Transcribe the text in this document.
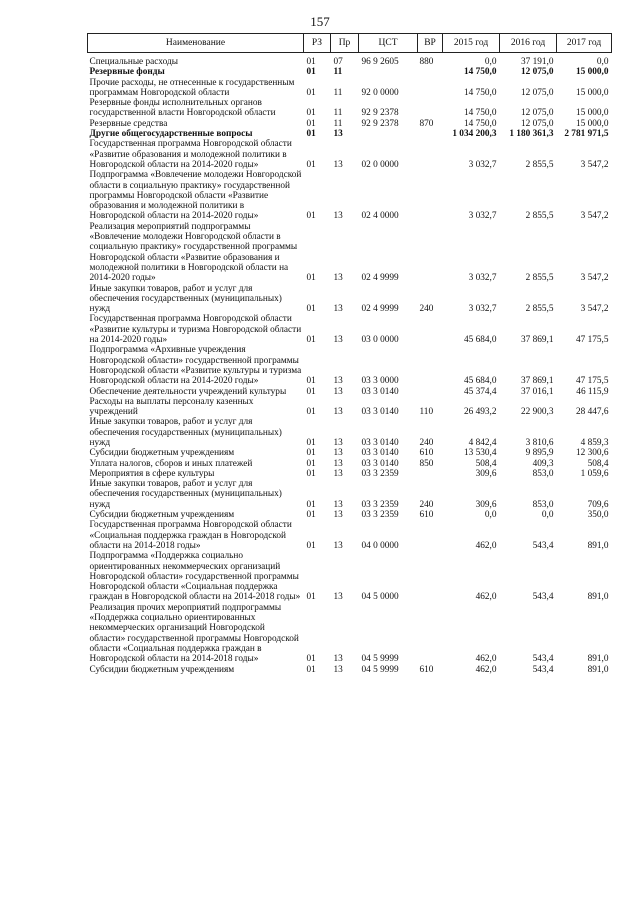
157
Наименование	РЗ	Пр	ЦСТ	ВР	2015 год	2016 год	2017 год

Специальные расходы	01	07	96 9 2605	880	0,0	37 191,0	0,0
Резервные фонды	01	11			14 750,0	12 075,0	15 000,0
Прочие расходы, не отнесенные к государственным программам Новгородской области	01	11	92 0 0000		14 750,0	12 075,0	15 000,0
Резервные фонды исполнительных органов государственной власти Новгородской области	01	11	92 9 2378		14 750,0	12 075,0	15 000,0
Резервные средства	01	11	92 9 2378	870	14 750,0	12 075,0	15 000,0
Другие общегосударственные вопросы	01	13			1 034 200,3	1 180 361,3	2 781 971,5
Государственная программа Новгородской области «Развитие образования и молодежной политики в Новгородской области на 2014-2020 годы»	01	13	02 0 0000		3 032,7	2 855,5	3 547,2
Подпрограмма «Вовлечение молодежи Новгородской области в социальную практику» государственной программы Новгородской области «Развитие образования и молодежной политики в Новгородской области на 2014-2020 годы»	01	13	02 4 0000		3 032,7	2 855,5	3 547,2
Реализация мероприятий подпрограммы «Вовлечение молодежи Новгородской области в социальную практику» государственной программы Новгородской области «Развитие образования и молодежной политики в Новгородской области на 2014-2020 годы»	01	13	02 4 9999		3 032,7	2 855,5	3 547,2
Иные закупки товаров, работ и услуг для обеспечения государственных (муниципальных) нужд	01	13	02 4 9999	240	3 032,7	2 855,5	3 547,2
Государственная программа Новгородской области «Развитие культуры и туризма Новгородской области на 2014-2020 годы»	01	13	03 0 0000		45 684,0	37 869,1	47 175,5
Подпрограмма «Архивные учреждения Новгородской области» государственной программы Новгородской области «Развитие культуры и туризма Новгородской области на 2014-2020 годы»	01	13	03 3 0000		45 684,0	37 869,1	47 175,5
Обеспечение деятельности учреждений культуры	01	13	03 3 0140		45 374,4	37 016,1	46 115,9
Расходы на выплаты персоналу казенных учреждений	01	13	03 3 0140	110	26 493,2	22 900,3	28 447,6
Иные закупки товаров, работ и услуг для обеспечения государственных (муниципальных) нужд	01	13	03 3 0140	240	4 842,4	3 810,6	4 859,3
Субсидии бюджетным учреждениям	01	13	03 3 0140	610	13 530,4	9 895,9	12 300,6
Уплата налогов, сборов и иных платежей	01	13	03 3 0140	850	508,4	409,3	508,4
Мероприятия в сфере культуры	01	13	03 3 2359		309,6	853,0	1 059,6
Иные закупки товаров, работ и услуг для обеспечения государственных (муниципальных) нужд	01	13	03 3 2359	240	309,6	853,0	709,6
Субсидии бюджетным учреждениям	01	13	03 3 2359	610	0,0	0,0	350,0
Государственная программа Новгородской области «Социальная поддержка граждан в Новгородской области на 2014-2018 годы»	01	13	04 0 0000		462,0	543,4	891,0
Подпрограмма «Поддержка социально ориентированных некоммерческих организаций Новгородской области» государственной программы Новгородской области «Социальная поддержка граждан в Новгородской области на 2014-2018 годы»	01	13	04 5 0000		462,0	543,4	891,0
Реализация прочих мероприятий подпрограммы «Поддержка социально ориентированных некоммерческих организаций Новгородской области» государственной программы Новгородской области «Социальная поддержка граждан в Новгородской области на 2014-2018 годы»	01	13	04 5 9999		462,0	543,4	891,0
Субсидии бюджетным учреждениям	01	13	04 5 9999	610	462,0	543,4	891,0
